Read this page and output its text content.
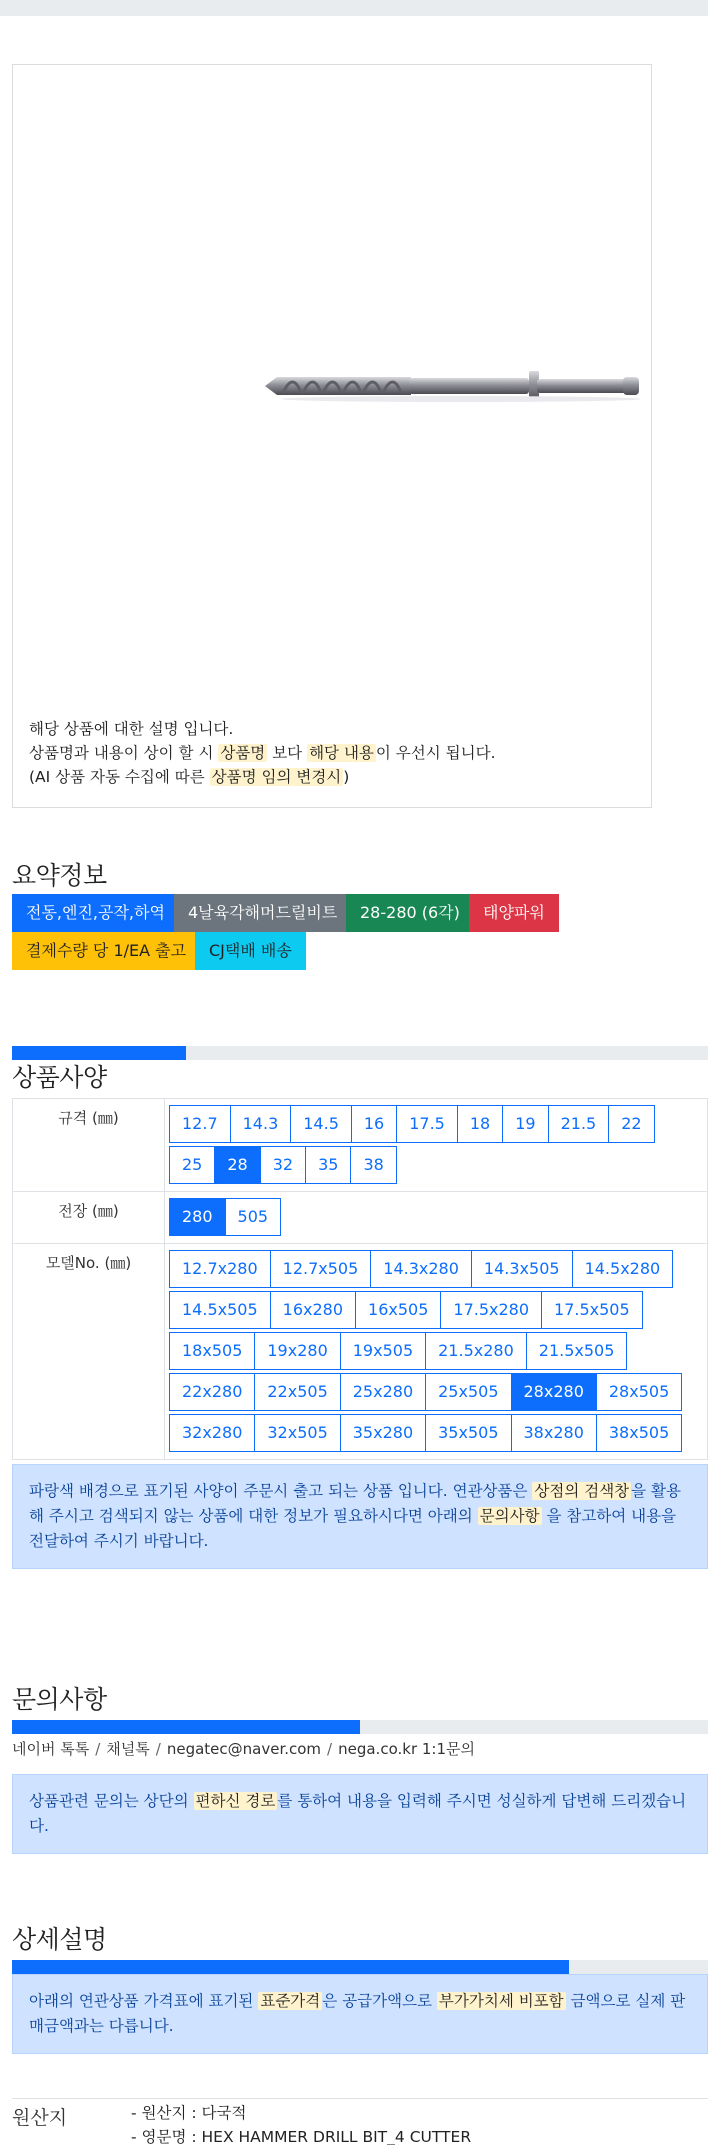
해당 상품에 대한 설명 입니다.
상품명과 내용이 상이 할 시 상품명 보다 해당 내용 이 우선시 됩니다.
(AI 상품 자동 수집에 따른 상품명 임의 변경시 )
요약정보
전동,엔진,공작,하역	4날육각해머드릴비트	28-280 (6각)	태양파워
결제수량 당 1/EA 출고	CJ택배 배송
상품사양
규격 (㎜)	12.7	14.3	14.5	16	17.5	18	19	21.5	22
25	28	32	35	38
전장 (㎜)	280	505
모델No. (㎜)	12.7x280	12.7x505	14.3x280	14.3x505	14.5x280
14.5x505	16x280	16x505	17.5x280	17.5x505
18x505	19x280	19x505	21.5x280	21.5x505
22x280	22x505	25x280	25x505	28x280	28x505
32x280	32x505	35x280	35x505	38x280	38x505
파랑색 배경으로 표기된 사양이 주문시 출고 되는 상품 입니다. 연관상품은 상점의 검색창 을 활용해 주시고 검색되지 않는 상품에 대한 정보가 필요하시다면 아래의 문의사항 을 참고하여 내용을 전달하여 주시기 바랍니다.
문의사항
네이버 톡톡 / 채널톡 / negatec@naver.com / nega.co.kr 1:1문의
상품관련 문의는 상단의 편하신 경로 를 통하여 내용을 입력해 주시면 성실하게 답변해 드리겠습니다.
상세설명
아래의 연관상품 가격표에 표기된 표준가격 은 공급가액으로 부가가치세 비포함 금액으로 실제 판매금액과는 다릅니다.
원산지	- 원산지 : 다국적
- 영문명 : HEX HAMMER DRILL BIT_4 CUTTER
